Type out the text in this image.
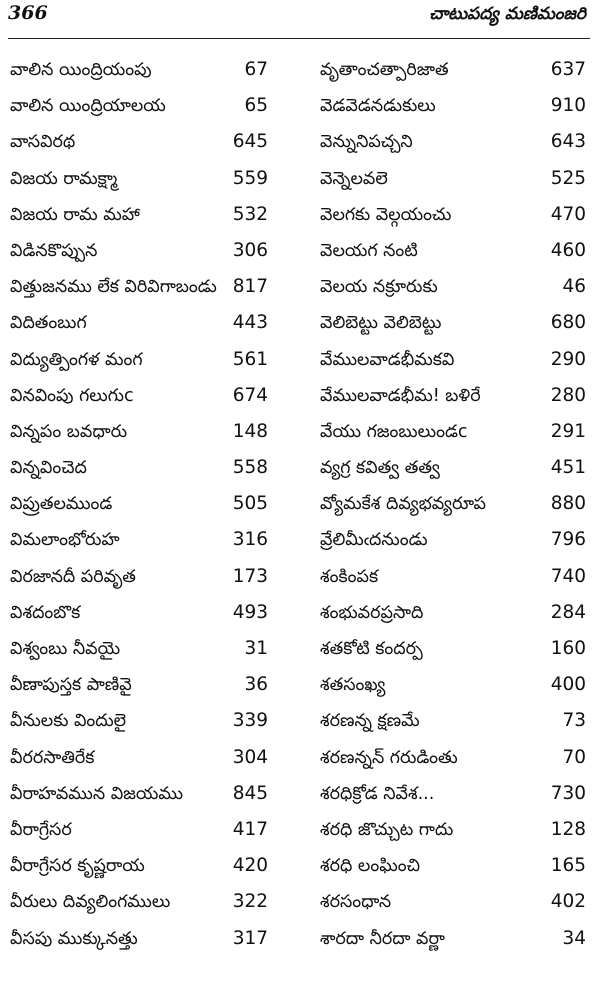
366	చాటుపద్య మణిమంజరి
వాలిన యింద్రియంపు	67
వాలిన యింద్రియాలయ	65
వాసవిరథ	645
విజయ రామక్ష్మా	559
విజయ రామ మహా	532
విడినకొప్పున	306
విత్తుజనము లేక విరివిగాబండు 817
విదితంబుగ	443
విద్యుత్పింగళ మంగ	561
వినవింపు గలుగుc	674
విన్నపం బవధారు	148
విన్నవించెద	558
విప్రుతలముండ	505
విమలాంభోరుహ	316
విరజానదీ పరివృత	173
విశదంబొక	493
విశ్వంబు నీవయై	31
వీణాపుస్తక పాణివై	36
వీనులకు విందులై	339
వీరరసాతిరేక	304
వీరాహవమున విజయము	845
వీరాగ్రేసర	417
వీరాగ్రేసర కృష్ణరాయ	420
వీరులు దివ్యలింగములు	322
వీసపు ముక్కునత్తు	317
వృతాంచత్పారిజాత	637
వెడవెడనడుకులు	910
వెన్నునిపచ్చని	643
వెన్నెలవలె	525
వెలగకు వెల్గయంచు	470
వెలయగ నంటి	460
వెలయ నక్రూరుకు	46
వెలిబెట్టు వెలిబెట్టు	680
వేములవాడభీమకవి	290
వేములవాడభీమ! బళిరే	280
వేయు గజంబులుండc	291
వ్యగ్ర కవిత్వ తత్వ	451
వ్యోమకేశ దివ్యభవ్యరూప	880
వ్రేలిమీఁదనుండు	796
శంకింపక	740
శంభువరప్రసాది	284
శతకోటి కందర్ప	160
శతసంఖ్య	400
శరణన్న క్షణమే	73
శరణన్నన్ గరుడింతు	70
శరధిక్రోడ నివేశ...	730
శరధి జొచ్చుట గాదు	128
శరధి లంఘించి	165
శరసంధాన	402
శారదా నీరదా వర్ణా	34
